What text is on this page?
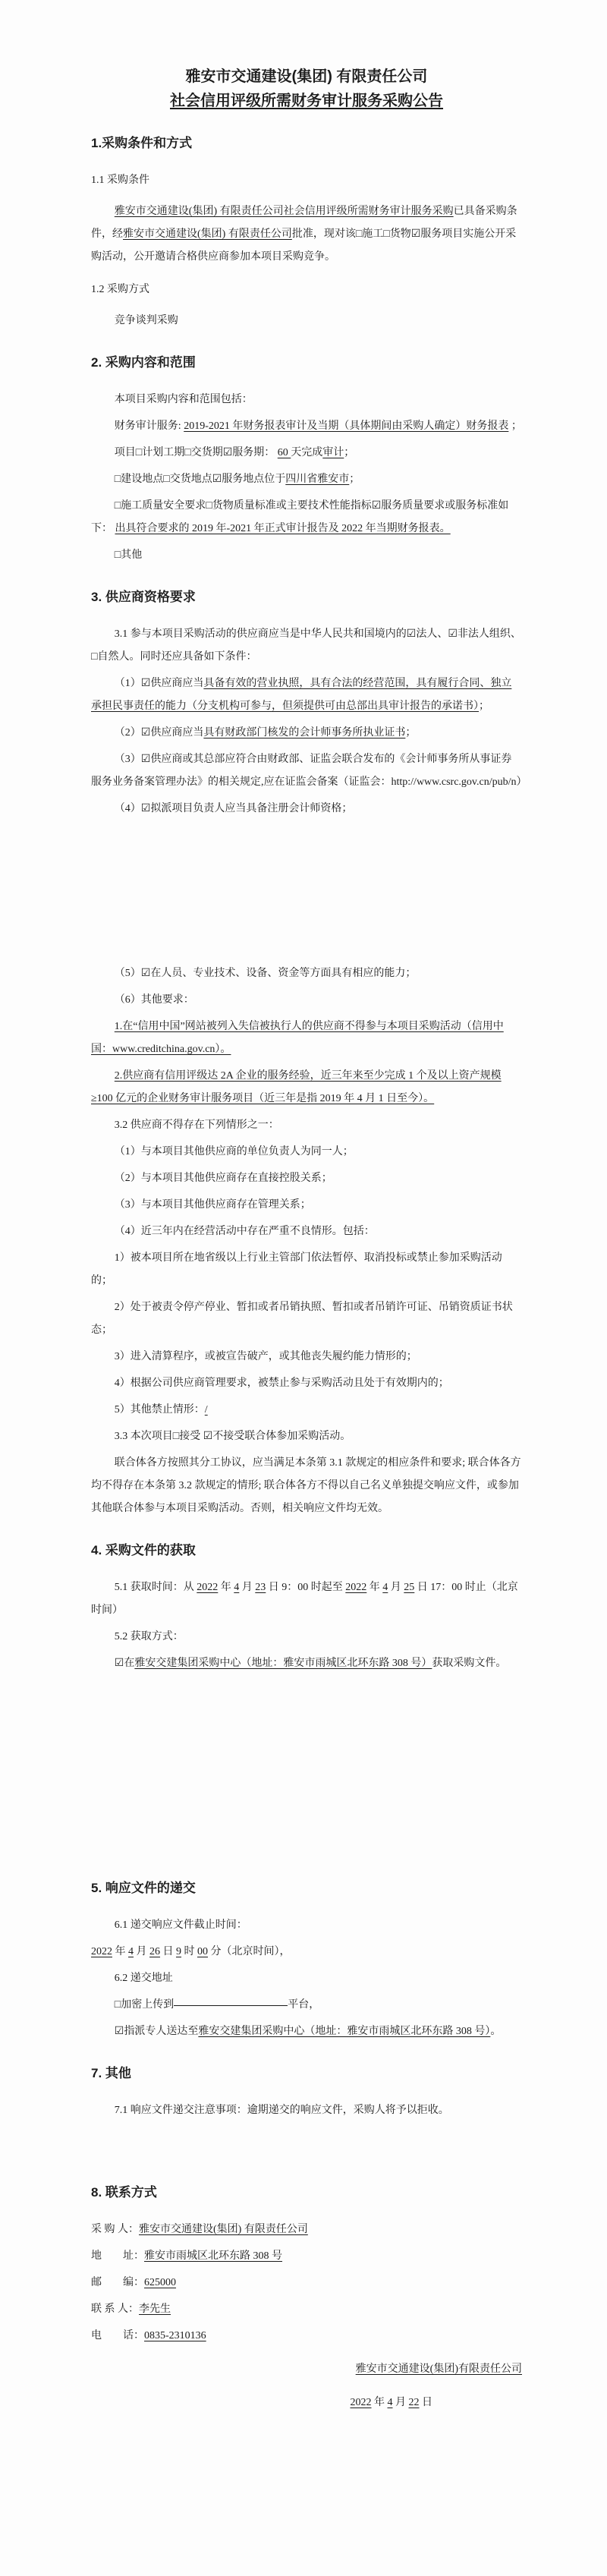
雅安市交通建设(集团) 有限责任公司
社会信用评级所需财务审计服务采购公告
1.采购条件和方式
1.1 采购条件
雅安市交通建设(集团) 有限责任公司社会信用评级所需财务审计服务采购已具备采购条件，经雅安市交通建设(集团) 有限责任公司批准，现对该□施工□货物☑服务项目实施公开采购活动，公开邀请合格供应商参加本项目采购竞争。
1.2 采购方式
竞争谈判采购
2. 采购内容和范围
本项目采购内容和范围包括：
财务审计服务: 2019-2021 年财务报表审计及当期（具体期间由采购人确定）财务报表 ；
项目□计划工期□交货期☑服务期： 60 天完成审计；
□建设地点□交货地点☑服务地点位于四川省雅安市；
□施工质量安全要求□货物质量标准或主要技术性能指标☑服务质量要求或服务标准如下： 出具符合要求的 2019 年-2021 年正式审计报告及 2022 年当期财务报表。
□其他
3. 供应商资格要求
3.1 参与本项目采购活动的供应商应当是中华人民共和国境内的☑法人、☑非法人组织、□自然人。同时还应具备如下条件：
（1）☑供应商应当具备有效的营业执照，具有合法的经营范围，具有履行合同、独立承担民事责任的能力（分支机构可参与，但须提供可由总部出具审计报告的承诺书）；
（2）☑供应商应当具有财政部门核发的会计师事务所执业证书；
（3）☑供应商或其总部应符合由财政部、证监会联合发布的《会计师事务所从事证券服务业务备案管理办法》的相关规定,应在证监会备案（证监会：http://www.csrc.gov.cn/pub/n）
（4）☑拟派项目负责人应当具备注册会计师资格；
（5）☑在人员、专业技术、设备、资金等方面具有相应的能力；
（6）其他要求：
1.在“信用中国”网站被列入失信被执行人的供应商不得参与本项目采购活动（信用中国：www.creditchina.gov.cn）。
2.供应商有信用评级达 2A 企业的服务经验，近三年来至少完成 1 个及以上资产规模≥100 亿元的企业财务审计服务项目（近三年是指 2019 年 4 月 1 日至今）。
3.2 供应商不得存在下列情形之一：
（1）与本项目其他供应商的单位负责人为同一人；
（2）与本项目其他供应商存在直接控股关系；
（3）与本项目其他供应商存在管理关系；
（4）近三年内在经营活动中存在严重不良情形。包括：
1）被本项目所在地省级以上行业主管部门依法暂停、取消投标或禁止参加采购活动的；
2）处于被责令停产停业、暂扣或者吊销执照、暂扣或者吊销许可证、吊销资质证书状态；
3）进入清算程序，或被宣告破产，或其他丧失履约能力情形的；
4）根据公司供应商管理要求，被禁止参与采购活动且处于有效期内的；
5）其他禁止情形：/
3.3 本次项目□接受 ☑不接受联合体参加采购活动。
联合体各方按照其分工协议，应当满足本条第 3.1 款规定的相应条件和要求; 联合体各方均不得存在本条第 3.2 款规定的情形; 联合体各方不得以自己名义单独提交响应文件，或参加其他联合体参与本项目采购活动。否则，相关响应文件均无效。
4. 采购文件的获取
5.1 获取时间：从 2022 年 4 月 23 日 9：00 时起至 2022 年 4 月 25 日 17：00 时止（北京时间）
5.2 获取方式：
☑在雅安交建集团采购中心（地址：雅安市雨城区北环东路 308 号）获取采购文件。
5. 响应文件的递交
6.1 递交响应文件截止时间：
2022 年 4 月 26 日 9 时 00 分（北京时间），
6.2 递交地址
□加密上传到	平台，
☑指派专人送达至雅安交建集团采购中心（地址：雅安市雨城区北环东路 308 号）。
7. 其他
7.1 响应文件递交注意事项：逾期递交的响应文件，采购人将予以拒收。
8. 联系方式
采 购 人：雅安市交通建设(集团) 有限责任公司
地　　址：雅安市雨城区北环东路 308 号
邮　　编：625000
联 系 人：李先生
电　　话：0835-2310136
雅安市交通建设(集团)有限责任公司
2022 年 4 月 22 日
